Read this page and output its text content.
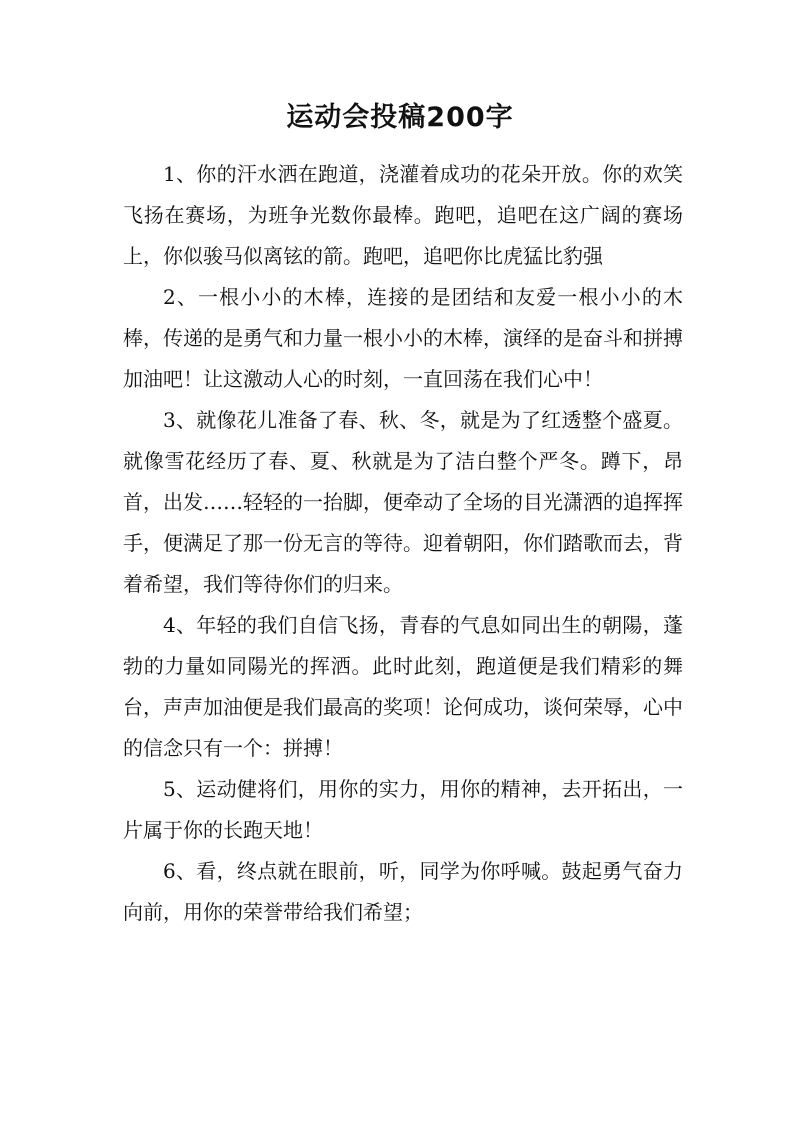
运动会投稿200字

1、你的汗水洒在跑道，浇灌着成功的花朵开放。你的欢笑飞扬在赛场，为班争光数你最棒。跑吧，追吧在这广阔的赛场上，你似骏马似离铉的箭。跑吧，追吧你比虎猛比豹强

2、一根小小的木棒，连接的是团结和友爱一根小小的木棒，传递的是勇气和力量一根小小的木棒，演绎的是奋斗和拼搏加油吧！让这激动人心的时刻，一直回荡在我们心中！

3、就像花儿准备了春、秋、冬，就是为了红透整个盛夏。就像雪花经历了春、夏、秋就是为了洁白整个严冬。蹲下，昂首，出发……轻轻的一抬脚，便牵动了全场的目光潇洒的追挥挥手，便满足了那一份无言的等待。迎着朝阳，你们踏歌而去，背着希望，我们等待你们的归来。

4、年轻的我们自信飞扬，青春的气息如同出生的朝陽，蓬勃的力量如同陽光的挥洒。此时此刻，跑道便是我们精彩的舞台，声声加油便是我们最高的奖项！论何成功，谈何荣辱，心中的信念只有一个：拼搏！

5、运动健将们，用你的实力，用你的精神，去开拓出，一片属于你的长跑天地！

6、看，终点就在眼前，听，同学为你呼喊。鼓起勇气奋力向前，用你的荣誉带给我们希望；
